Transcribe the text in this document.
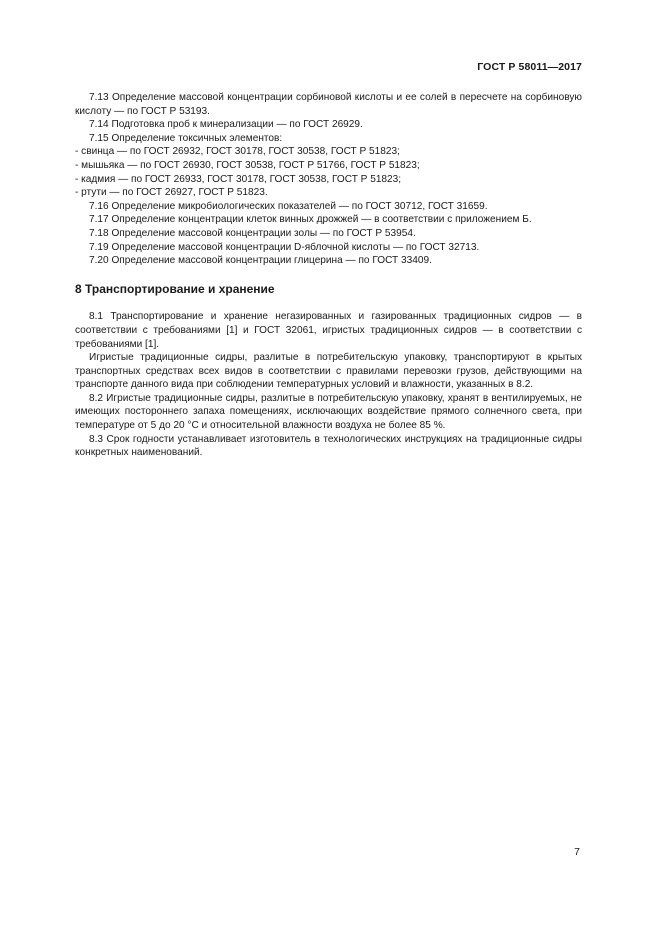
ГОСТ Р 58011—2017

7.13 Определение массовой концентрации сорбиновой кислоты и ее солей в пересчете на сорбиновую кислоту — по ГОСТ Р 53193.

7.14 Подготовка проб к минерализации — по ГОСТ 26929.

7.15 Определение токсичных элементов:

- свинца — по ГОСТ 26932, ГОСТ 30178, ГОСТ 30538, ГОСТ Р 51823;

- мышьяка — по ГОСТ 26930, ГОСТ 30538, ГОСТ Р 51766, ГОСТ Р 51823;

- кадмия — по ГОСТ 26933, ГОСТ 30178, ГОСТ 30538, ГОСТ Р 51823;

- ртути — по ГОСТ 26927, ГОСТ Р 51823.

7.16 Определение микробиологических показателей — по ГОСТ 30712, ГОСТ 31659.

7.17 Определение концентрации клеток винных дрожжей — в соответствии с приложением Б.

7.18 Определение массовой концентрации золы — по ГОСТ Р 53954.

7.19 Определение массовой концентрации D-яблочной кислоты — по ГОСТ 32713.

7.20 Определение массовой концентрации глицерина — по ГОСТ 33409.

8 Транспортирование и хранение

8.1 Транспортирование и хранение негазированных и газированных традиционных сидров — в соответствии с требованиями [1] и ГОСТ 32061, игристых традиционных сидров — в соответствии с требованиями [1].

Игристые традиционные сидры, разлитые в потребительскую упаковку, транспортируют в крытых транспортных средствах всех видов в соответствии с правилами перевозки грузов, действующими на транспорте данного вида при соблюдении температурных условий и влажности, указанных в 8.2.

8.2 Игристые традиционные сидры, разлитые в потребительскую упаковку, хранят в вентилируемых, не имеющих постороннего запаха помещениях, исключающих воздействие прямого солнечного света, при температуре от 5 до 20 °С и относительной влажности воздуха не более 85 %.

8.3 Срок годности устанавливает изготовитель в технологических инструкциях на традиционные сидры конкретных наименований.

7
